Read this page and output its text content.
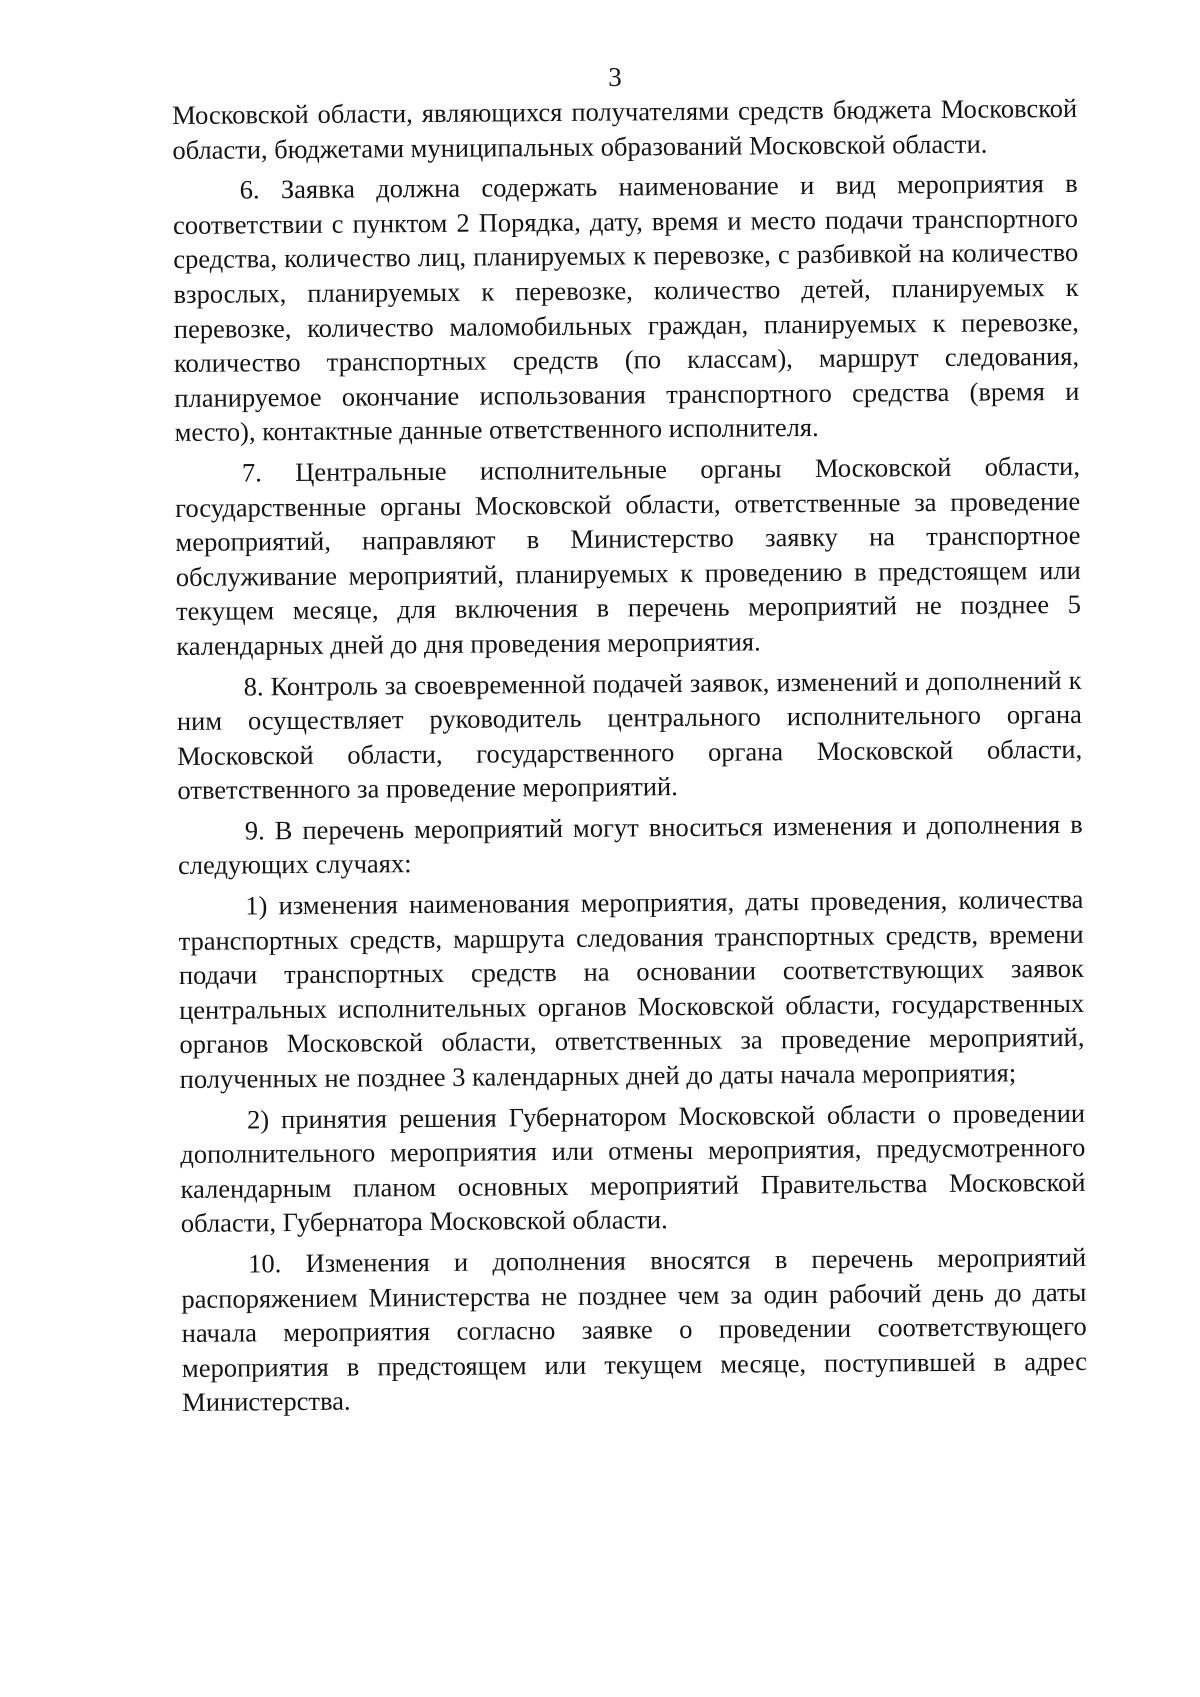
3

Московской области, являющихся получателями средств бюджета Московской области, бюджетами муниципальных образований Московской области.

6. Заявка должна содержать наименование и вид мероприятия в соответствии с пунктом 2 Порядка, дату, время и место подачи транспортного средства, количество лиц, планируемых к перевозке, с разбивкой на количество взрослых, планируемых к перевозке, количество детей, планируемых к перевозке, количество маломобильных граждан, планируемых к перевозке, количество транспортных средств (по классам), маршрут следования, планируемое окончание использования транспортного средства (время и место), контактные данные ответственного исполнителя.

7. Центральные исполнительные органы Московской области, государственные органы Московской области, ответственные за проведение мероприятий, направляют в Министерство заявку на транспортное обслуживание мероприятий, планируемых к проведению в предстоящем или текущем месяце, для включения в перечень мероприятий не позднее 5 календарных дней до дня проведения мероприятия.

8. Контроль за своевременной подачей заявок, изменений и дополнений к ним осуществляет руководитель центрального исполнительного органа Московской области, государственного органа Московской области, ответственного за проведение мероприятий.

9. В перечень мероприятий могут вноситься изменения и дополнения в следующих случаях:

1) изменения наименования мероприятия, даты проведения, количества транспортных средств, маршрута следования транспортных средств, времени подачи транспортных средств на основании соответствующих заявок центральных исполнительных органов Московской области, государственных органов Московской области, ответственных за проведение мероприятий, полученных не позднее 3 календарных дней до даты начала мероприятия;

2) принятия решения Губернатором Московской области о проведении дополнительного мероприятия или отмены мероприятия, предусмотренного календарным планом основных мероприятий Правительства Московской области, Губернатора Московской области.

10. Изменения и дополнения вносятся в перечень мероприятий распоряжением Министерства не позднее чем за один рабочий день до даты начала мероприятия согласно заявке о проведении соответствующего мероприятия в предстоящем или текущем месяце, поступившей в адрес Министерства.
